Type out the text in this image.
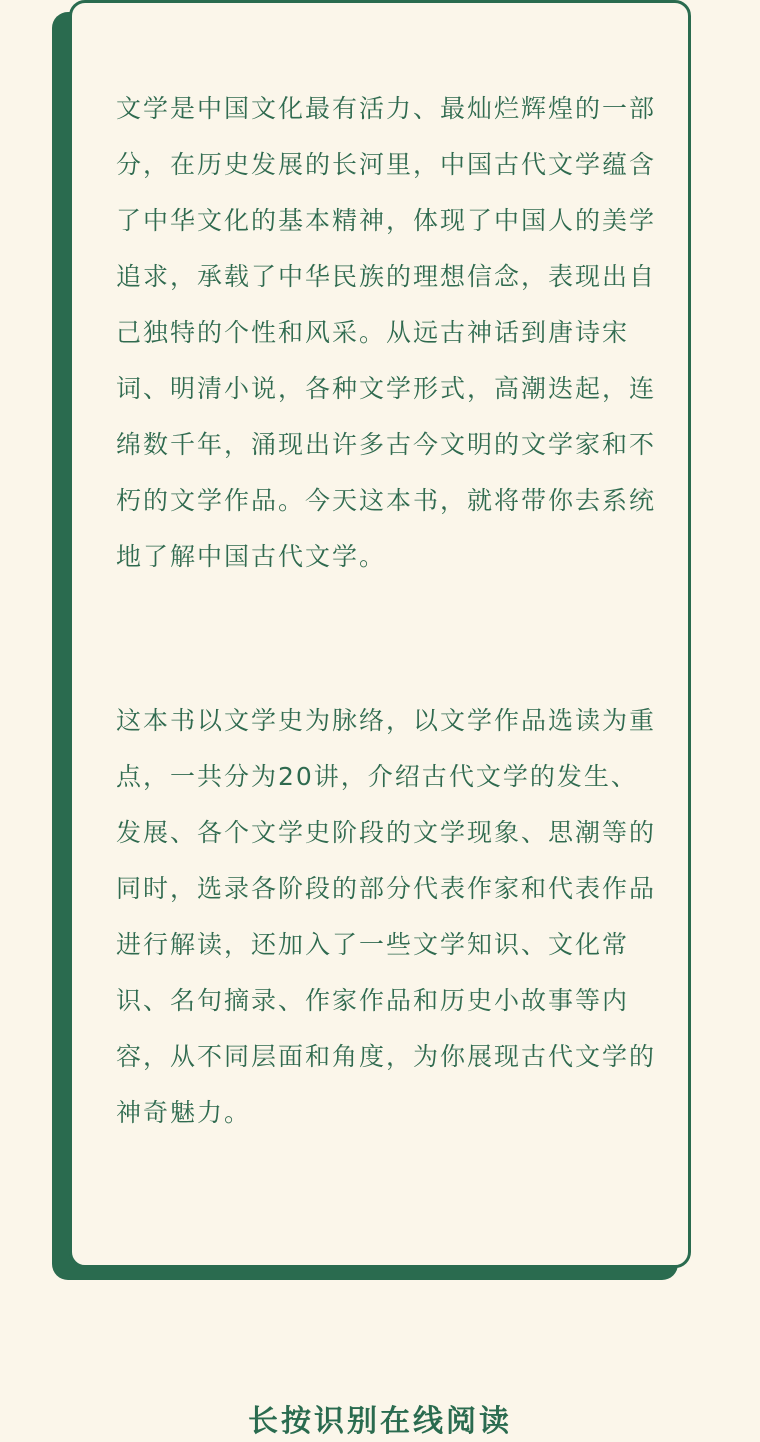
文学是中国文化最有活力、最灿烂辉煌的一部分，在历史发展的长河里，中国古代文学蕴含了中华文化的基本精神，体现了中国人的美学追求，承载了中华民族的理想信念，表现出自己独特的个性和风采。从远古神话到唐诗宋词、明清小说，各种文学形式，高潮迭起，连绵数千年，涌现出许多古今文明的文学家和不朽的文学作品。今天这本书，就将带你去系统地了解中国古代文学。

这本书以文学史为脉络，以文学作品选读为重点，一共分为20讲，介绍古代文学的发生、发展、各个文学史阶段的文学现象、思潮等的同时，选录各阶段的部分代表作家和代表作品进行解读，还加入了一些文学知识、文化常识、名句摘录、作家作品和历史小故事等内容，从不同层面和角度，为你展现古代文学的神奇魅力。

长按识别在线阅读
